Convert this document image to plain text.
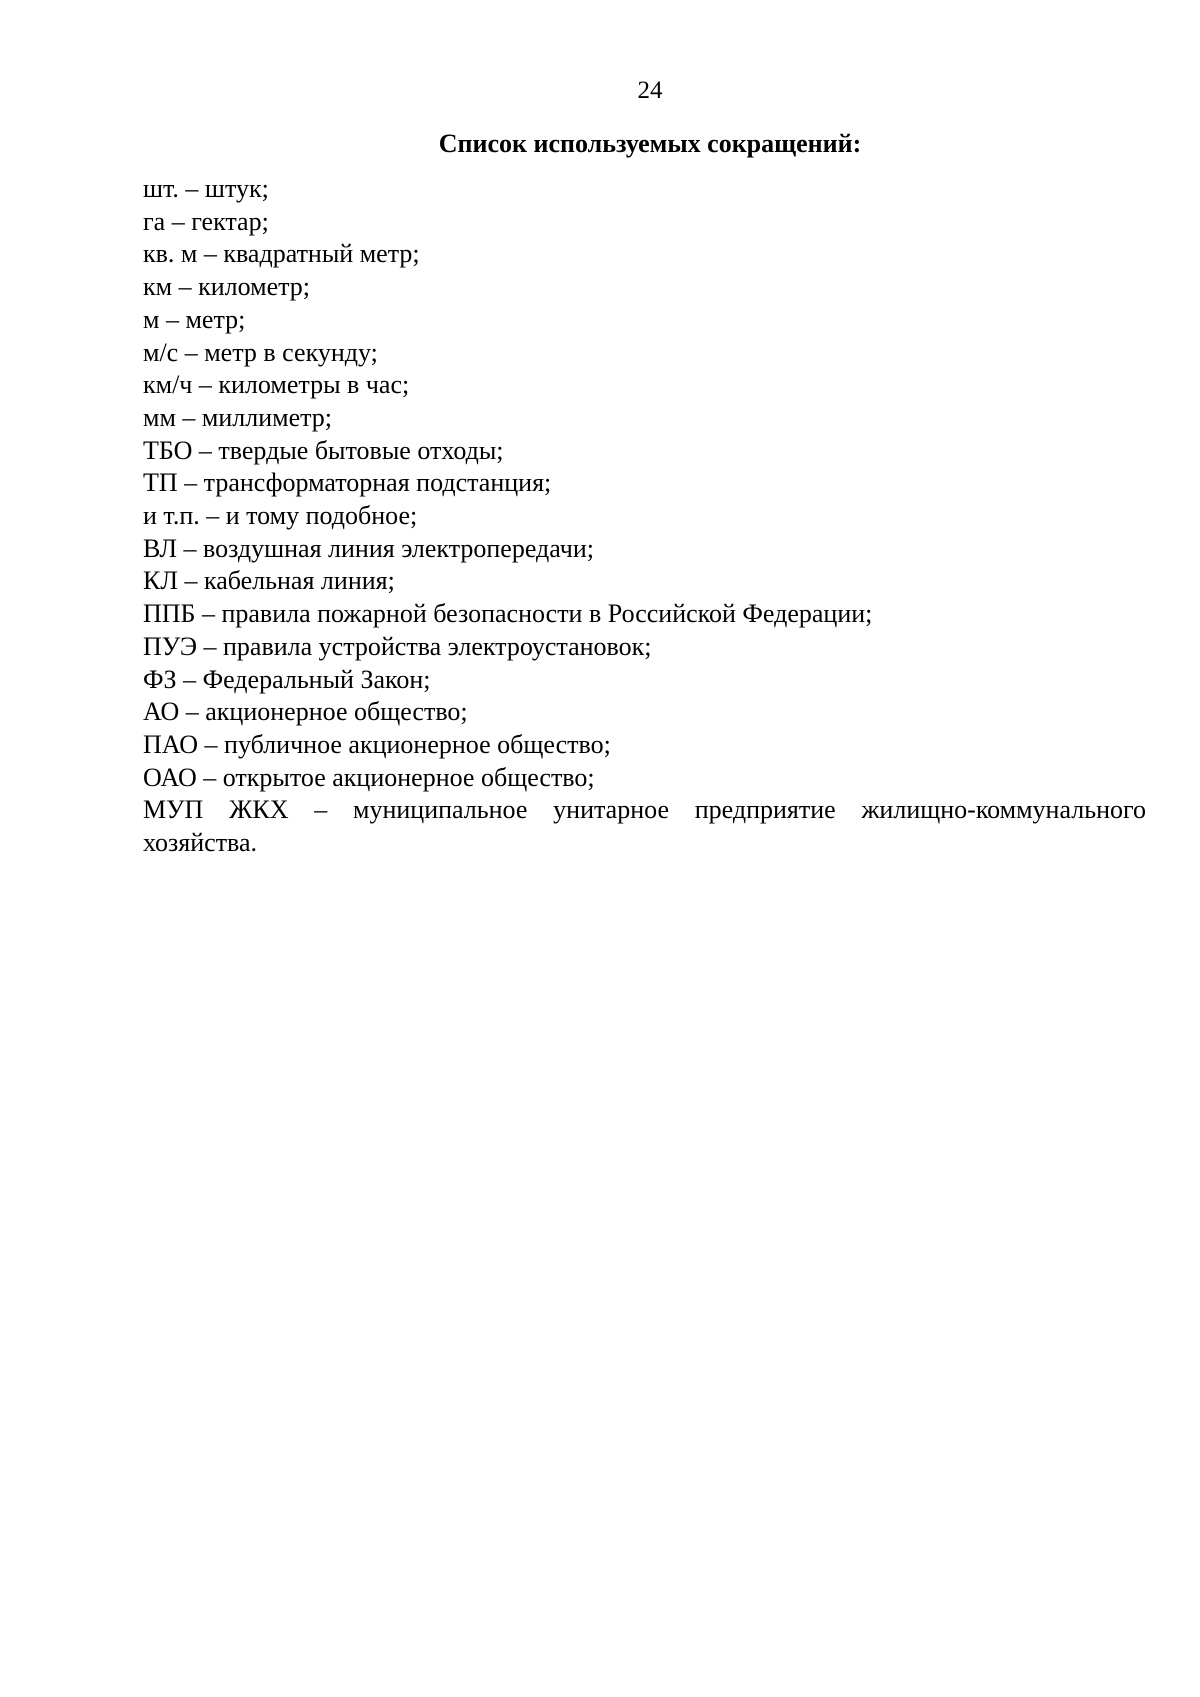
24
Список используемых сокращений:
шт. – штук;
га – гектар;
кв. м – квадратный метр;
км – километр;
м – метр;
м/с – метр в секунду;
км/ч – километры в час;
мм – миллиметр;
ТБО – твердые бытовые отходы;
ТП – трансформаторная подстанция;
и т.п. – и тому подобное;
ВЛ – воздушная линия электропередачи;
КЛ – кабельная линия;
ППБ – правила пожарной безопасности в Российской Федерации;
ПУЭ – правила устройства электроустановок;
ФЗ – Федеральный Закон;
АО – акционерное общество;
ПАО – публичное акционерное общество;
ОАО – открытое акционерное общество;
МУП ЖКХ – муниципальное унитарное предприятие жилищно-коммунального хозяйства.
